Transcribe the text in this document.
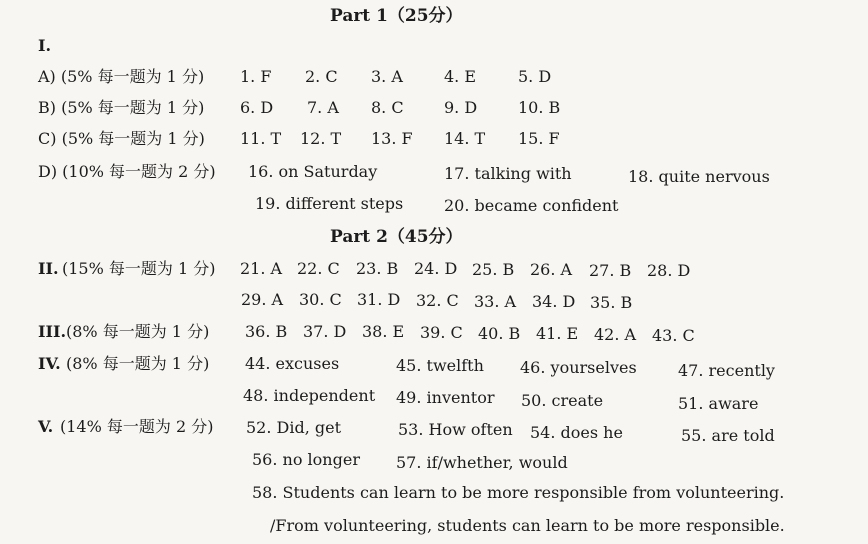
Part 1（25分）
I.
A) (5% 每一题为 1 分) 1. F 2. C 3. A	4. E	5. D
B) (5% 每一题为 1 分) 6. D 7. A 8. C	9. D	10. B
C) (5% 每一题为 1 分) 11. T 12. T 13. F 14. T 15. F
D) (10% 每一题为 2 分) 16. on Saturday	17. talking with	18. quite nervous
19. different steps	20. became confident
Part 2（45分）
II. (15% 每一题为 1 分) 21. A 22. C 23. B 24. D 25. B 26. A 27. B 28. D
29. A 30. C 31. D 32. C 33. A 34. D 35. B
III. (8% 每一题为 1 分) 36. B 37. D 38. E 39. C 40. B 41. E 42. A 43. C
IV. (8% 每一题为 1 分) 44. excuses	45. twelfth 46. yourselves	47. recently
48. independent 49. inventor 50. create	51. aware
V. (14% 每一题为 2 分) 52. Did, get	53. How often 54. does he	55. are told
56. no longer 57. if/whether, would
58. Students can learn to be more responsible from volunteering.
/From volunteering, students can learn to be more responsible.
